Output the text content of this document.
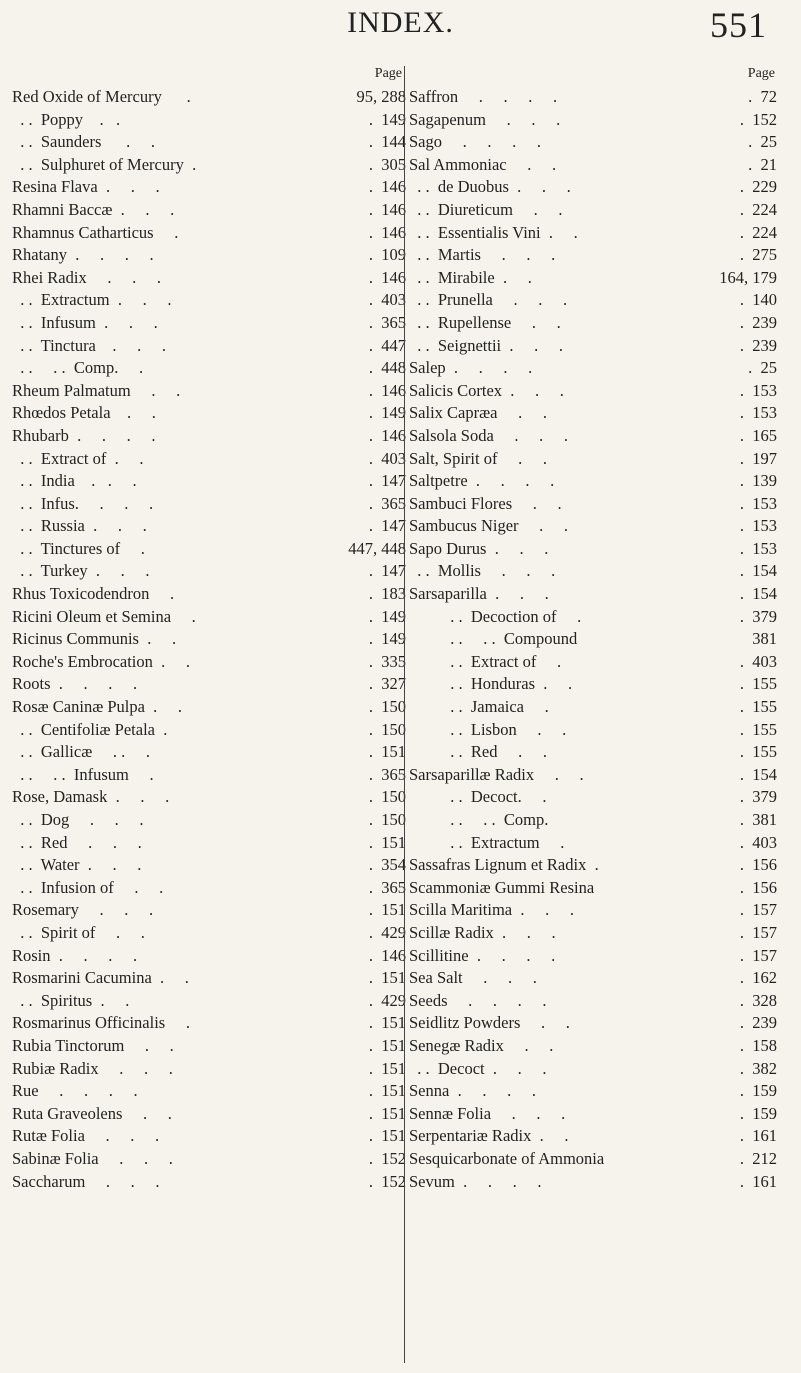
INDEX.	551
Page
Red Oxide of Mercury      .	95, 288
. .  Poppy    .   .	.  149
. .  Saunders      .     .	.  144
. .  Sulphuret of Mercury  .	.  305
Resina Flava  .     .     .	.  146
Rhamni Baccæ  .     .     .	.  146
Rhamnus Catharticus     .	.  146
Rhatany  .     .     .     .	.  109
Rhei Radix     .     .     .	.  146
. .  Extractum  .     .     .	.  403
. .  Infusum  .     .     .	.  365
. .  Tinctura    .     .     .	.  447
. .     . .  Comp.     .	.  448
Rheum Palmatum     .     .	.  146
Rhœdos Petala    .     .	.  149
Rhubarb  .     .     .     .	.  146
. .  Extract of  .     .	.  403
. .  India    .   .     .	.  147
. .  Infus.     .     .     .	.  365
. .  Russia  .     .     .	.  147
. .  Tinctures of     .	447, 448
. .  Turkey  .     .     .	.  147
Rhus Toxicodendron     .	.  183
Ricini Oleum et Semina     .	.  149
Ricinus Communis  .     .	.  149
Roche's Embrocation  .     .	.  335
Roots  .     .     .     .	.  327
Rosæ Caninæ Pulpa  .     .	.  150
. .  Centifoliæ Petala  .	.  150
. .  Gallicæ     . .     .	.  151
. .     . .  Infusum     .	.  365
Rose, Damask  .     .     .	.  150
. .  Dog     .     .     .	.  150
. .  Red     .     .     .	.  151
. .  Water  .     .     .	.  354
. .  Infusion of     .     .	.  365
Rosemary     .     .     .	.  151
. .  Spirit of     .     .	.  429
Rosin  .     .     .     .	.  146
Rosmarini Cacumina  .     .	.  151
. .  Spiritus  .     .	.  429
Rosmarinus Officinalis     .	.  151
Rubia Tinctorum     .     .	.  151
Rubiæ Radix     .     .     .	.  151
Rue     .     .     .     .	.  151
Ruta Graveolens     .     .	.  151
Rutæ Folia     .     .     .	.  151
Sabinæ Folia     .     .     .	.  152
Saccharum     .     .     .	.  152
Page
Saffron     .     .     .     .	.  72
Sagapenum     .     .     .	.  152
Sago     .     .     .     .	.  25
Sal Ammoniac     .     .	.  21
. .  de Duobus  .     .     .	.  229
. .  Diureticum     .     .	.  224
. .  Essentialis Vini  .     .	.  224
. .  Martis     .     .     .	.  275
. .  Mirabile  .     .	164, 179
. .  Prunella     .     .     .	.  140
. .  Rupellense     .     .	.  239
. .  Seignettii  .     .     .	.  239
Salep  .     .     .     .	.  25
Salicis Cortex  .     .     .	.  153
Salix Capræa     .     .	.  153
Salsola Soda     .     .     .	.  165
Salt, Spirit of     .     .	.  197
Saltpetre  .     .     .     .	.  139
Sambuci Flores     .     .	.  153
Sambucus Niger     .     .	.  153
Sapo Durus  .     .     .	.  153
. .  Mollis     .     .     .	.  154
Sarsaparilla  .     .     .	.  154
. .  Decoction of     .	.  379
. .     . .  Compound	381
. .  Extract of     .	.  403
. .  Honduras  .     .	.  155
. .  Jamaica     .	.  155
. .  Lisbon     .     .	.  155
. .  Red     .     .	.  155
Sarsaparillæ Radix     .     .	.  154
. .  Decoct.     .	.  379
. .     . .  Comp.	.  381
. .  Extractum     .	.  403
Sassafras Lignum et Radix  .	.  156
Scammoniæ Gummi Resina	.  156
Scilla Maritima  .     .     .	.  157
Scillæ Radix  .     .     .	.  157
Scillitine  .     .     .     .	.  157
Sea Salt     .     .     .	.  162
Seeds     .     .     .     .	.  328
Seidlitz Powders     .     .	.  239
Senegæ Radix     .     .	.  158
. .  Decoct  .     .     .	.  382
Senna  .     .     .     .	.  159
Sennæ Folia     .     .     .	.  159
Serpentariæ Radix  .     .	.  161
Sesquicarbonate of Ammonia	.  212
Sevum  .     .     .     .	.  161
